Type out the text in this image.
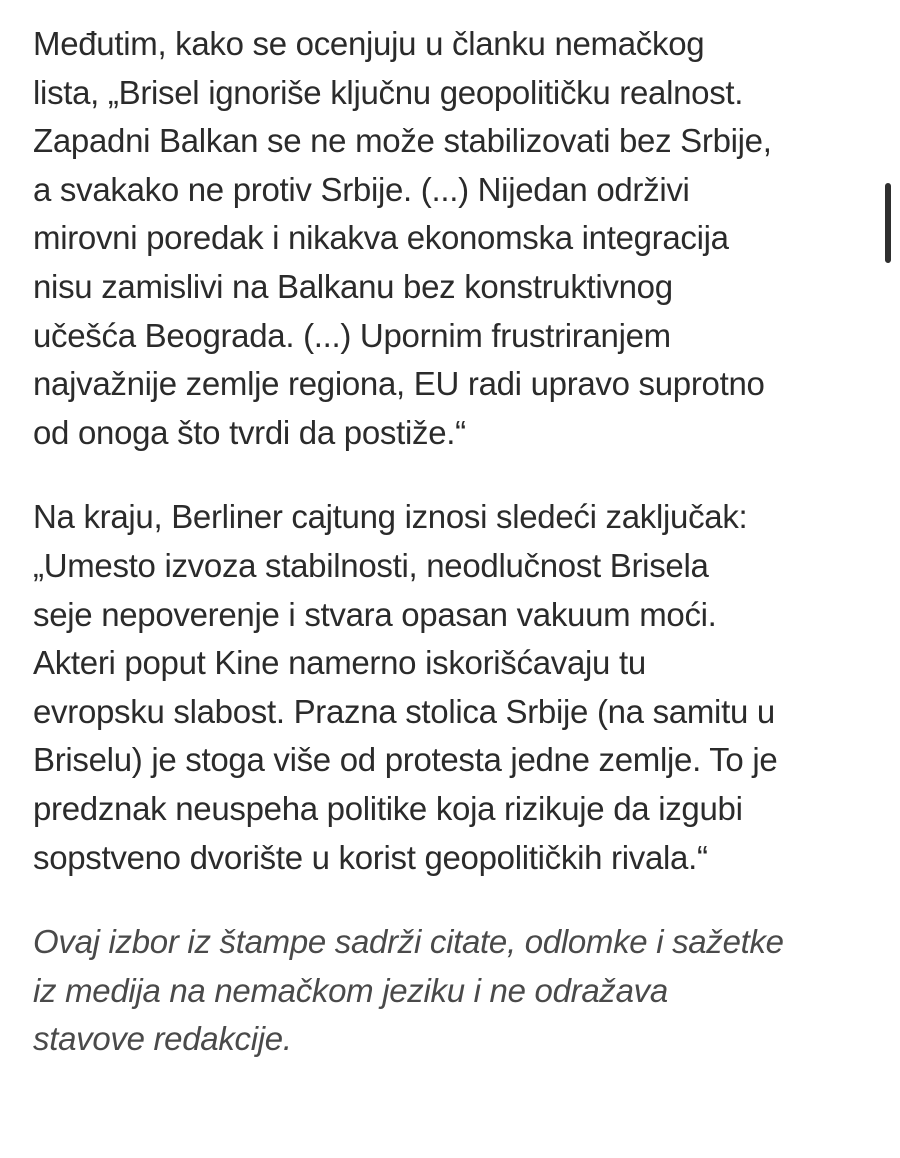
Međutim, kako se ocenjuju u članku nemačkog
lista, „Brisel ignoriše ključnu geopolitičku realnost.
Zapadni Balkan se ne može stabilizovati bez Srbije,
a svakako ne protiv Srbije. (...) Nijedan održivi
mirovni poredak i nikakva ekonomska integracija
nisu zamislivi na Balkanu bez konstruktivnog
učešća Beograda. (...) Upornim frustriranjem
najvažnije zemlje regiona, EU radi upravo suprotno
od onoga što tvrdi da postiže.“

Na kraju, Berliner cajtung iznosi sledeći zaključak:
„Umesto izvoza stabilnosti, neodlučnost Brisela
seje nepoverenje i stvara opasan vakuum moći.
Akteri poput Kine namerno iskorišćavaju tu
evropsku slabost. Prazna stolica Srbije (na samitu u
Briselu) je stoga više od protesta jedne zemlje. To je
predznak neuspeha politike koja rizikuje da izgubi
sopstveno dvorište u korist geopolitičkih rivala.“

Ovaj izbor iz štampe sadrži citate, odlomke i sažetke
iz medija na nemačkom jeziku i ne odražava
stavove redakcije.
